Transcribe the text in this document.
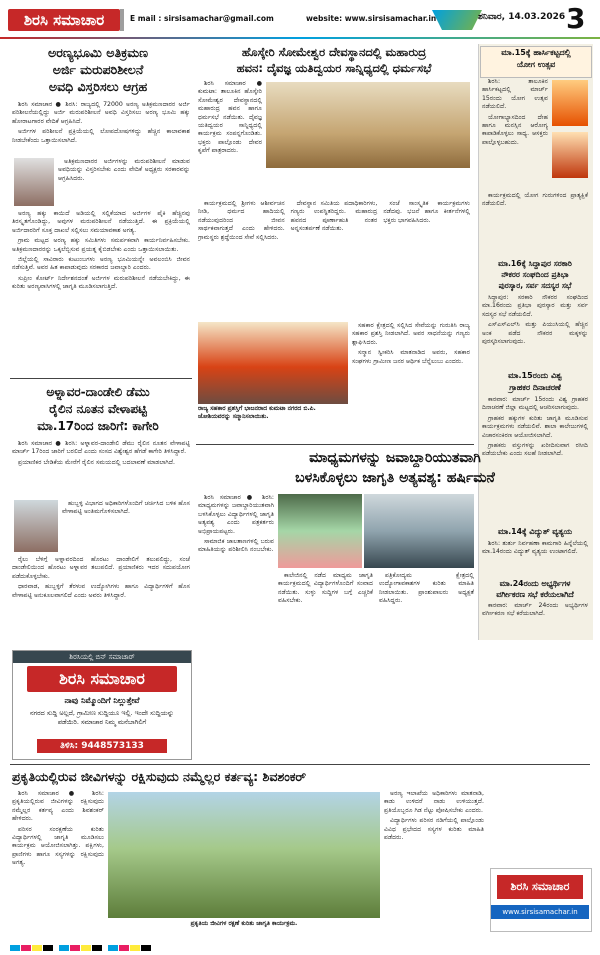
ಶಿರಸಿ ಸಮಾಚಾರ	E mail : sirsisamachar@gmail.com	website: www.sirsisamachar.in	ಶನಿವಾರ, 14.03.2026 3
ಅರಣ್ಯಭೂಮಿ ಅತಿಕ್ರಮಣ
ಅರ್ಜಿ ಮರುಪರಿಶೀಲನೆ
ಅವಧಿ ವಿಸ್ತರಿಸಲು ಆಗ್ರಹ

ಶಿರಸಿ ಸಮಾಚಾರ ● ಶಿರಸಿ: ರಾಜ್ಯದಲ್ಲಿ 72000 ಅರಣ್ಯ ಅತಿಕ್ರಮಣದಾರರ ಅರ್ಜಿ ಪರಿಶೀಲನೆಯಲ್ಲಿದ್ದು ಅರ್ಜಿ ಮರುಪರಿಶೀಲನೆ ಅವಧಿ ವಿಸ್ತರಿಸಲು ಅರಣ್ಯ ಭೂಮಿ ಹಕ್ಕು ಹೋರಾಟಗಾರರ ವೇದಿಕೆ ಆಗ್ರಹಿಸಿದೆ.

ಅರ್ಜಿಗಳ ಪರಿಶೀಲನೆ ಪ್ರಕ್ರಿಯೆಯಲ್ಲಿ ಲೋಪದೋಷಗಳಿದ್ದು ಹೆಚ್ಚಿನ ಕಾಲಾವಕಾಶ ನೀಡಬೇಕೆಂದು ಒತ್ತಾಯಿಸಲಾಗಿದೆ.

ಅತಿಕ್ರಮಣದಾರರ ಅರ್ಜಿಗಳನ್ನು ಮರುಪರಿಶೀಲನೆ ಮಾಡುವ ಅವಧಿಯನ್ನು ವಿಸ್ತರಿಸಬೇಕು ಎಂದು ವೇದಿಕೆ ಅಧ್ಯಕ್ಷರು ಸರಕಾರವನ್ನು ಆಗ್ರಹಿಸಿದರು.

ಅರಣ್ಯ ಹಕ್ಕು ಕಾಯಿದೆ ಅಡಿಯಲ್ಲಿ ಸಲ್ಲಿಕೆಯಾದ ಅರ್ಜಿಗಳ ಪೈಕಿ ಹೆಚ್ಚಿನವು ತಿರಸ್ಕೃತಗೊಂಡಿದ್ದು, ಅವುಗಳ ಮರುಪರಿಶೀಲನೆ ನಡೆಯುತ್ತಿದೆ. ಈ ಪ್ರಕ್ರಿಯೆಯಲ್ಲಿ ಅರ್ಜಿದಾರರಿಗೆ ಸೂಕ್ತ ದಾಖಲೆ ಸಲ್ಲಿಸಲು ಸಮಯಾವಕಾಶ ಅಗತ್ಯ.

ಗ್ರಾಮ ಮಟ್ಟದ ಅರಣ್ಯ ಹಕ್ಕು ಸಮಿತಿಗಳು ಸಮರ್ಪಕವಾಗಿ ಕಾರ್ಯನಿರ್ವಹಿಸಬೇಕು. ಅತಿಕ್ರಮಣದಾರರನ್ನು ಒಕ್ಕಲೆಬ್ಬಿಸುವ ಪ್ರಯತ್ನ ಕೈಬಿಡಬೇಕು ಎಂದು ಒತ್ತಾಯಿಸಲಾಯಿತು.

ಜಿಲ್ಲೆಯಲ್ಲಿ ಸಾವಿರಾರು ಕುಟುಂಬಗಳು ಅರಣ್ಯ ಭೂಮಿಯನ್ನೇ ಅವಲಂಬಿಸಿ ಜೀವನ ನಡೆಸುತ್ತಿವೆ. ಅವರ ಹಿತ ಕಾಪಾಡುವುದು ಸರಕಾರದ ಜವಾಬ್ದಾರಿ ಎಂದರು.

ಸುಪ್ರೀಂ ಕೋರ್ಟ್ ನಿರ್ದೇಶನದಂತೆ ಅರ್ಜಿಗಳ ಮರುಪರಿಶೀಲನೆ ನಡೆಯಬೇಕಿದ್ದು, ಈ ಕುರಿತು ಅರಣ್ಯವಾಸಿಗಳಲ್ಲಿ ಜಾಗೃತಿ ಮೂಡಿಸಲಾಗುತ್ತಿದೆ.

ಅಳ್ನಾವರ-ದಾಂಡೇಲಿ ಡೆಮು
ರೈಲಿನ ನೂತನ ವೇಳಾಪಟ್ಟಿ
ಮಾ.17ರಿಂದ ಜಾರಿಗೆ: ಕಾಗೇರಿ

ಶಿರಸಿ ಸಮಾಚಾರ ● ಶಿರಸಿ: ಅಳ್ನಾವರ-ದಾಂಡೇಲಿ ಡೆಮು ರೈಲಿನ ನೂತನ ವೇಳಾಪಟ್ಟಿ ಮಾರ್ಚ್ 17ರಿಂದ ಜಾರಿಗೆ ಬರಲಿದೆ ಎಂದು ಸಂಸದ ವಿಶ್ವೇಶ್ವರ ಹೆಗಡೆ ಕಾಗೇರಿ ತಿಳಿಸಿದ್ದಾರೆ.

ಪ್ರಯಾಣಿಕರ ಬೇಡಿಕೆಯ ಮೇರೆಗೆ ರೈಲಿನ ಸಮಯದಲ್ಲಿ ಬದಲಾವಣೆ ಮಾಡಲಾಗಿದೆ.

ಹುಬ್ಬಳ್ಳಿ ವಿಭಾಗದ ಅಧಿಕಾರಿಗಳೊಂದಿಗೆ ಚರ್ಚಿಸಿದ ಬಳಿಕ ಹೊಸ ವೇಳಾಪಟ್ಟಿ ಅಂತಿಮಗೊಳಿಸಲಾಗಿದೆ.

ರೈಲು ಬೆಳಿಗ್ಗೆ ಅಳ್ನಾವರದಿಂದ ಹೊರಟು ದಾಂಡೇಲಿಗೆ ತಲುಪಲಿದ್ದು, ಸಂಜೆ ದಾಂಡೇಲಿಯಿಂದ ಹೊರಟು ಅಳ್ನಾವರ ತಲುಪಲಿದೆ. ಪ್ರಯಾಣಿಕರು ಇದರ ಸದುಪಯೋಗ ಪಡೆದುಕೊಳ್ಳಬೇಕು.

ಧಾರವಾಡ, ಹುಬ್ಬಳ್ಳಿಗೆ ತೆರಳುವ ಉದ್ಯೋಗಿಗಳು ಹಾಗೂ ವಿದ್ಯಾರ್ಥಿಗಳಿಗೆ ಹೊಸ ವೇಳಾಪಟ್ಟಿ ಅನುಕೂಲವಾಗಲಿದೆ ಎಂದು ಅವರು ತಿಳಿಸಿದ್ದಾರೆ.

ಶಿರಸಿಯಲ್ಲಿ ಬಿನ್ ಸಮಾಚಾರ್
ಶಿರಸಿ ಸಮಾಚಾರ
ನಾವು ನಿಮ್ಮೊಂದಿಗೆ ನಿಲ್ಲುತ್ತೇವೆ
ನಗರದ ಸುದ್ದಿ ಅಲ್ಲದೆ, ಗ್ರಾಮೀಣ ಸುದ್ದಿಯೂ ಇಲ್ಲಿ. ಇಂದೇ ಸುದ್ದಿಯನ್ನು ಪಡೆಯಿರಿ. ಸಮಾಚಾರ ನಿಮ್ಮ ಮನೆಬಾಗಿಲಿಗೆ
ತಿಳಿಸಿ: 9448573133
ಹೊಸ್ಕೇರಿ ಸೋಮೇಶ್ವರ ದೇವಸ್ಥಾನದಲ್ಲಿ ಮಹಾರುದ್ರ
ಹವನ: ದೈವಜ್ಞ ಯತಿದ್ವಯರ ಸಾನ್ನಿಧ್ಯದಲ್ಲಿ ಧರ್ಮಸಭೆ

ಶಿರಸಿ ಸಮಾಚಾರ ● ಕುಮಟಾ: ತಾಲೂಕಿನ ಹೊಸ್ಕೇರಿ ಸೋಮೇಶ್ವರ ದೇವಸ್ಥಾನದಲ್ಲಿ ಮಹಾರುದ್ರ ಹವನ ಹಾಗೂ ಧರ್ಮಸಭೆ ನಡೆಯಿತು. ದೈವಜ್ಞ ಯತಿದ್ವಯರ ಸಾನ್ನಿಧ್ಯದಲ್ಲಿ ಕಾರ್ಯಕ್ರಮ ಸಂಪನ್ನಗೊಂಡಿತು. ಭಕ್ತರು ಪಾಲ್ಗೊಂಡು ದೇವರ ಕೃಪೆಗೆ ಪಾತ್ರರಾದರು.

ಕಾರ್ಯಕ್ರಮದಲ್ಲಿ ಶ್ರೀಗಳು ಆಶೀರ್ವಚನ ನೀಡಿ, ಧರ್ಮದ ಹಾದಿಯಲ್ಲಿ ನಡೆಯುವುದರಿಂದ ಜೀವನ ಸಾರ್ಥಕವಾಗುತ್ತದೆ ಎಂದು ಹೇಳಿದರು. ಗ್ರಾಮಸ್ಥರು ಶ್ರದ್ಧೆಯಿಂದ ಸೇವೆ ಸಲ್ಲಿಸಿದರು.

ದೇವಸ್ಥಾನ ಸಮಿತಿಯ ಪದಾಧಿಕಾರಿಗಳು, ಗಣ್ಯರು ಉಪಸ್ಥಿತರಿದ್ದರು. ಮಹಾರುದ್ರ ಹವನದ ಪೂರ್ಣಾಹುತಿ ನಂತರ ಅನ್ನಸಂತರ್ಪಣೆ ನಡೆಯಿತು.

ಸಂಜೆ ಸಾಂಸ್ಕೃತಿಕ ಕಾರ್ಯಕ್ರಮಗಳು ನಡೆದವು. ಭಜನೆ ಹಾಗೂ ಕೀರ್ತನೆಗಳಲ್ಲಿ ಭಕ್ತರು ಭಾಗವಹಿಸಿದರು.

ರಾಜ್ಯ ಸಹಕಾರ ಪ್ರಶಸ್ತಿಗೆ ಭಾಜನರಾದ ಕುಮಟಾ ನಗರದ ಬಿ.ಪಿ. ಜೋಶಿಯವರನ್ನು ಸನ್ಮಾನಿಸಲಾಯಿತು.

ಸಹಕಾರ ಕ್ಷೇತ್ರದಲ್ಲಿ ಸಲ್ಲಿಸಿದ ಸೇವೆಯನ್ನು ಗುರುತಿಸಿ ರಾಜ್ಯ ಸಹಕಾರ ಪ್ರಶಸ್ತಿ ನೀಡಲಾಗಿದೆ. ಅವರ ಸಾಧನೆಯನ್ನು ಗಣ್ಯರು ಶ್ಲಾಘಿಸಿದರು.

ಸನ್ಮಾನ ಸ್ವೀಕರಿಸಿ ಮಾತನಾಡಿದ ಅವರು, ಸಹಕಾರ ಸಂಘಗಳು ಗ್ರಾಮೀಣ ಜನರ ಆರ್ಥಿಕ ಬೆನ್ನೆಲುಬು ಎಂದರು.

ಮಾ.15ಕ್ಕೆ ಹಾರ್ಸಿಕಟ್ಟದಲ್ಲಿ
ಯೋಗ ಉತ್ಸವ

ಶಿರಸಿ: ತಾಲೂಕಿನ ಹಾರ್ಸಿಕಟ್ಟದಲ್ಲಿ ಮಾರ್ಚ್ 15ರಂದು ಯೋಗ ಉತ್ಸವ ನಡೆಯಲಿದೆ.

ಯೋಗಾಭ್ಯಾಸದಿಂದ ದೇಹ ಹಾಗೂ ಮನಸ್ಸಿನ ಆರೋಗ್ಯ ಕಾಪಾಡಿಕೊಳ್ಳಲು ಸಾಧ್ಯ. ಆಸಕ್ತರು ಪಾಲ್ಗೊಳ್ಳಬಹುದು.

ಕಾರ್ಯಕ್ರಮದಲ್ಲಿ ಯೋಗ ಗುರುಗಳಿಂದ ಪ್ರಾತ್ಯಕ್ಷಿಕೆ ನಡೆಯಲಿದೆ.

ಮಾ.16ಕ್ಕೆ ಸಿದ್ದಾಪುರ ಸರಕಾರಿ
ನೌಕರರ ಸಂಘದಿಂದ ಪ್ರತಿಭಾ
ಪುರಸ್ಕಾರ, ಸರ್ವ ಸದಸ್ಯರ ಸಭೆ

ಸಿದ್ದಾಪುರ: ಸರಕಾರಿ ನೌಕರರ ಸಂಘದಿಂದ ಮಾ.16ರಂದು ಪ್ರತಿಭಾ ಪುರಸ್ಕಾರ ಮತ್ತು ಸರ್ವ ಸದಸ್ಯರ ಸಭೆ ನಡೆಯಲಿದೆ.

ಎಸ್ಎಸ್ಎಲ್‌ಸಿ ಮತ್ತು ಪಿಯುಸಿಯಲ್ಲಿ ಹೆಚ್ಚಿನ ಅಂಕ ಪಡೆದ ನೌಕರರ ಮಕ್ಕಳನ್ನು ಪುರಸ್ಕರಿಸಲಾಗುವುದು.

ಮಾ.15ರಂದು ವಿಶ್ವ
ಗ್ರಾಹಕರ ದಿನಾಚರಣೆ

ಕಾರವಾರ: ಮಾರ್ಚ್ 15ರಂದು ವಿಶ್ವ ಗ್ರಾಹಕರ ದಿನಾಚರಣೆ ಜಿಲ್ಲಾ ಮಟ್ಟದಲ್ಲಿ ಆಚರಿಸಲಾಗುವುದು.

ಗ್ರಾಹಕರ ಹಕ್ಕುಗಳ ಕುರಿತು ಜಾಗೃತಿ ಮೂಡಿಸುವ ಕಾರ್ಯಕ್ರಮಗಳು ನಡೆಯಲಿವೆ. ಶಾಲಾ ಕಾಲೇಜುಗಳಲ್ಲಿ ವಿಚಾರಸಂಕಿರಣ ಆಯೋಜಿಸಲಾಗಿದೆ.

ಗ್ರಾಹಕರು ವಸ್ತುಗಳನ್ನು ಖರೀದಿಸುವಾಗ ರಸೀದಿ ಪಡೆಯಬೇಕು ಎಂದು ಸಲಹೆ ನೀಡಲಾಗಿದೆ.

ಮಾ.14ಕ್ಕೆ ವಿದ್ಯುತ್ ವ್ಯತ್ಯಯ

ಶಿರಸಿ: ತುರ್ತು ನಿರ್ವಹಣಾ ಕಾಮಗಾರಿ ಹಿನ್ನೆಲೆಯಲ್ಲಿ ಮಾ.14ರಂದು ವಿದ್ಯುತ್ ವ್ಯತ್ಯಯ ಉಂಟಾಗಲಿದೆ.

ಮಾ.24ರಂದು ಅಭ್ಯರ್ಥಿಗಳ
ವರ್ಗೀಕರಣ ಸಭೆ ಕರೆಯಲಾಗಿದೆ

ಕಾರವಾರ: ಮಾರ್ಚ್ 24ರಂದು ಅಭ್ಯರ್ಥಿಗಳ ವರ್ಗೀಕರಣ ಸಭೆ ಕರೆಯಲಾಗಿದೆ.

ಮಾಧ್ಯಮಗಳನ್ನು ಜವಾಬ್ದಾರಿಯುತವಾಗಿ
ಬಳಸಿಕೊಳ್ಳಲು ಜಾಗೃತಿ ಅತ್ಯವಶ್ಯ: ಹರ್ಷಿಮನೆ

ಶಿರಸಿ ಸಮಾಚಾರ ● ಶಿರಸಿ: ಮಾಧ್ಯಮಗಳನ್ನು ಜವಾಬ್ದಾರಿಯುತವಾಗಿ ಬಳಸಿಕೊಳ್ಳಲು ವಿದ್ಯಾರ್ಥಿಗಳಲ್ಲಿ ಜಾಗೃತಿ ಅತ್ಯವಶ್ಯ ಎಂದು ಪತ್ರಕರ್ತರು ಅಭಿಪ್ರಾಯಪಟ್ಟರು.

ಸಾಮಾಜಿಕ ಜಾಲತಾಣಗಳಲ್ಲಿ ಬರುವ ಮಾಹಿತಿಯನ್ನು ಪರಿಶೀಲಿಸಿ ನಂಬಬೇಕು.

ಕಾಲೇಜಿನಲ್ಲಿ ನಡೆದ ಮಾಧ್ಯಮ ಜಾಗೃತಿ ಕಾರ್ಯಕ್ರಮದಲ್ಲಿ ವಿದ್ಯಾರ್ಥಿಗಳೊಂದಿಗೆ ಸಂವಾದ ನಡೆಯಿತು. ಸುಳ್ಳು ಸುದ್ದಿಗಳ ಬಗ್ಗೆ ಎಚ್ಚರಿಕೆ ವಹಿಸಬೇಕು.

ಪತ್ರಿಕೋದ್ಯಮ ಕ್ಷೇತ್ರದಲ್ಲಿ ಉದ್ಯೋಗಾವಕಾಶಗಳ ಕುರಿತು ಮಾಹಿತಿ ನೀಡಲಾಯಿತು. ಪ್ರಾಂಶುಪಾಲರು ಅಧ್ಯಕ್ಷತೆ ವಹಿಸಿದ್ದರು.

ಪ್ರಕೃತಿಯಲ್ಲಿರುವ ಜೀವಿಗಳನ್ನು ರಕ್ಷಿಸುವುದು ನಮ್ಮೆಲ್ಲರ ಕರ್ತವ್ಯ: ಶಿವಶಂಕರ್

ಶಿರಸಿ ಸಮಾಚಾರ ● ಶಿರಸಿ: ಪ್ರಕೃತಿಯಲ್ಲಿರುವ ಜೀವಿಗಳನ್ನು ರಕ್ಷಿಸುವುದು ನಮ್ಮೆಲ್ಲರ ಕರ್ತವ್ಯ ಎಂದು ಶಿವಶಂಕರ್ ಹೇಳಿದರು.

ಪರಿಸರ ಸಂರಕ್ಷಣೆಯ ಕುರಿತು ವಿದ್ಯಾರ್ಥಿಗಳಲ್ಲಿ ಜಾಗೃತಿ ಮೂಡಿಸಲು ಕಾರ್ಯಕ್ರಮ ಆಯೋಜಿಸಲಾಗಿತ್ತು. ಪಕ್ಷಿಗಳು, ಪ್ರಾಣಿಗಳು ಹಾಗೂ ಸಸ್ಯಗಳನ್ನು ರಕ್ಷಿಸುವುದು ಅಗತ್ಯ.

ಪ್ರಕೃತಿಯ ಜೀವಿಗಳ ರಕ್ಷಣೆ ಕುರಿತು ಜಾಗೃತಿ ಕಾರ್ಯಕ್ರಮ.

ಅರಣ್ಯ ಇಲಾಖೆಯ ಅಧಿಕಾರಿಗಳು ಮಾತನಾಡಿ, ಕಾಡು ಉಳಿದರೆ ನಾಡು ಉಳಿಯುತ್ತದೆ. ಪ್ರತಿಯೊಬ್ಬರೂ ಗಿಡ ನೆಟ್ಟು ಪೋಷಿಸಬೇಕು ಎಂದರು.

ವಿದ್ಯಾರ್ಥಿಗಳು ಪರಿಸರ ನಡಿಗೆಯಲ್ಲಿ ಪಾಲ್ಗೊಂಡು ವಿವಿಧ ಪ್ರಭೇದದ ಸಸ್ಯಗಳ ಕುರಿತು ಮಾಹಿತಿ ಪಡೆದರು.

ಶಿರಸಿ ಸಮಾಚಾರ
www.sirsisamachar.in
